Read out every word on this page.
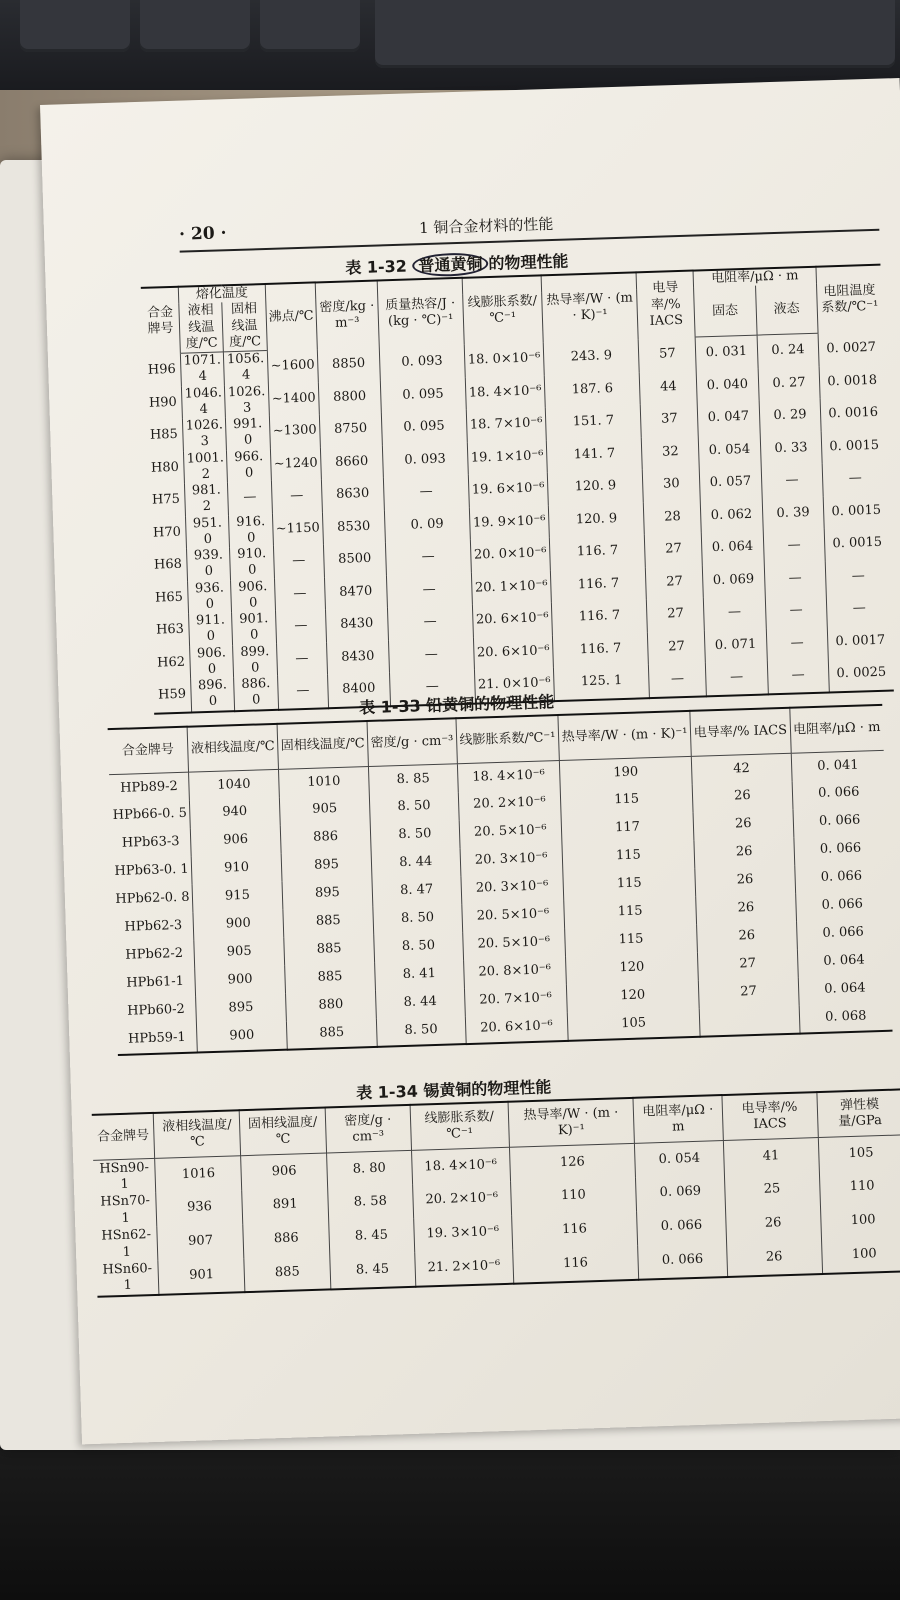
· 20 ·	1 铜合金材料的性能
表 1-32 普通黄铜 的物理性能
合金牌号	熔化温度		沸点/℃	密度/kg · m⁻³	质量热容/J · (kg · ℃)⁻¹	线膨胀系数/℃⁻¹	热导率/W · (m · K)⁻¹	电导率/% IACS	电阻率/μΩ · m		电阻温度系数/℃⁻¹
	液相线温度/℃	固相线温度/℃							固态	液态	
H96	1071. 4	1056. 4	~1600	8850	0. 093	18. 0×10⁻⁶	243. 9	57	0. 031	0. 24	0. 0027
H90	1046. 4	1026. 3	~1400	8800	0. 095	18. 4×10⁻⁶	187. 6	44	0. 040	0. 27	0. 0018
H85	1026. 3	991. 0	~1300	8750	0. 095	18. 7×10⁻⁶	151. 7	37	0. 047	0. 29	0. 0016
H80	1001. 2	966. 0	~1240	8660	0. 093	19. 1×10⁻⁶	141. 7	32	0. 054	0. 33	0. 0015
H75	981. 2	—	—	8630	—	19. 6×10⁻⁶	120. 9	30	0. 057	—	—
H70	951. 0	916. 0	~1150	8530	0. 09	19. 9×10⁻⁶	120. 9	28	0. 062	0. 39	0. 0015
H68	939. 0	910. 0	—	8500	—	20. 0×10⁻⁶	116. 7	27	0. 064	—	0. 0015
H65	936. 0	906. 0	—	8470	—	20. 1×10⁻⁶	116. 7	27	0. 069	—	—
H63	911. 0	901. 0	—	8430	—	20. 6×10⁻⁶	116. 7	27	—	—	—
H62	906. 0	899. 0	—	8430	—	20. 6×10⁻⁶	116. 7	27	0. 071	—	0. 0017
H59	896. 0	886. 0	—	8400	—	21. 0×10⁻⁶	125. 1	—	—	—	0. 0025
表 1-33 铅黄铜的物理性能
合金牌号	液相线温度/℃	固相线温度/℃	密度/g · cm⁻³	线膨胀系数/℃⁻¹	热导率/W · (m · K)⁻¹	电导率/% IACS	电阻率/μΩ · m
HPb89-2	1040	1010	8. 85	18. 4×10⁻⁶	190	42	0. 041
HPb66-0. 5	940	905	8. 50	20. 2×10⁻⁶	115	26	0. 066
HPb63-3	906	886	8. 50	20. 5×10⁻⁶	117	26	0. 066
HPb63-0. 1	910	895	8. 44	20. 3×10⁻⁶	115	26	0. 066
HPb62-0. 8	915	895	8. 47	20. 3×10⁻⁶	115	26	0. 066
HPb62-3	900	885	8. 50	20. 5×10⁻⁶	115	26	0. 066
HPb62-2	905	885	8. 50	20. 5×10⁻⁶	115	26	0. 066
HPb61-1	900	885	8. 41	20. 8×10⁻⁶	120	27	0. 064
HPb60-2	895	880	8. 44	20. 7×10⁻⁶	120	27	0. 064
HPb59-1	900	885	8. 50	20. 6×10⁻⁶	105		0. 068
表 1-34 锡黄铜的物理性能
合金牌号	液相线温度/℃	固相线温度/℃	密度/g · cm⁻³	线膨胀系数/℃⁻¹	热导率/W · (m · K)⁻¹	电阻率/μΩ · m	电导率/% IACS	弹性模量/GPa
HSn90-1	1016	906	8. 80	18. 4×10⁻⁶	126	0. 054	41	105
HSn70-1	936	891	8. 58	20. 2×10⁻⁶	110	0. 069	25	110
HSn62-1	907	886	8. 45	19. 3×10⁻⁶	116	0. 066	26	100
HSn60-1	901	885	8. 45	21. 2×10⁻⁶	116	0. 066	26	100
